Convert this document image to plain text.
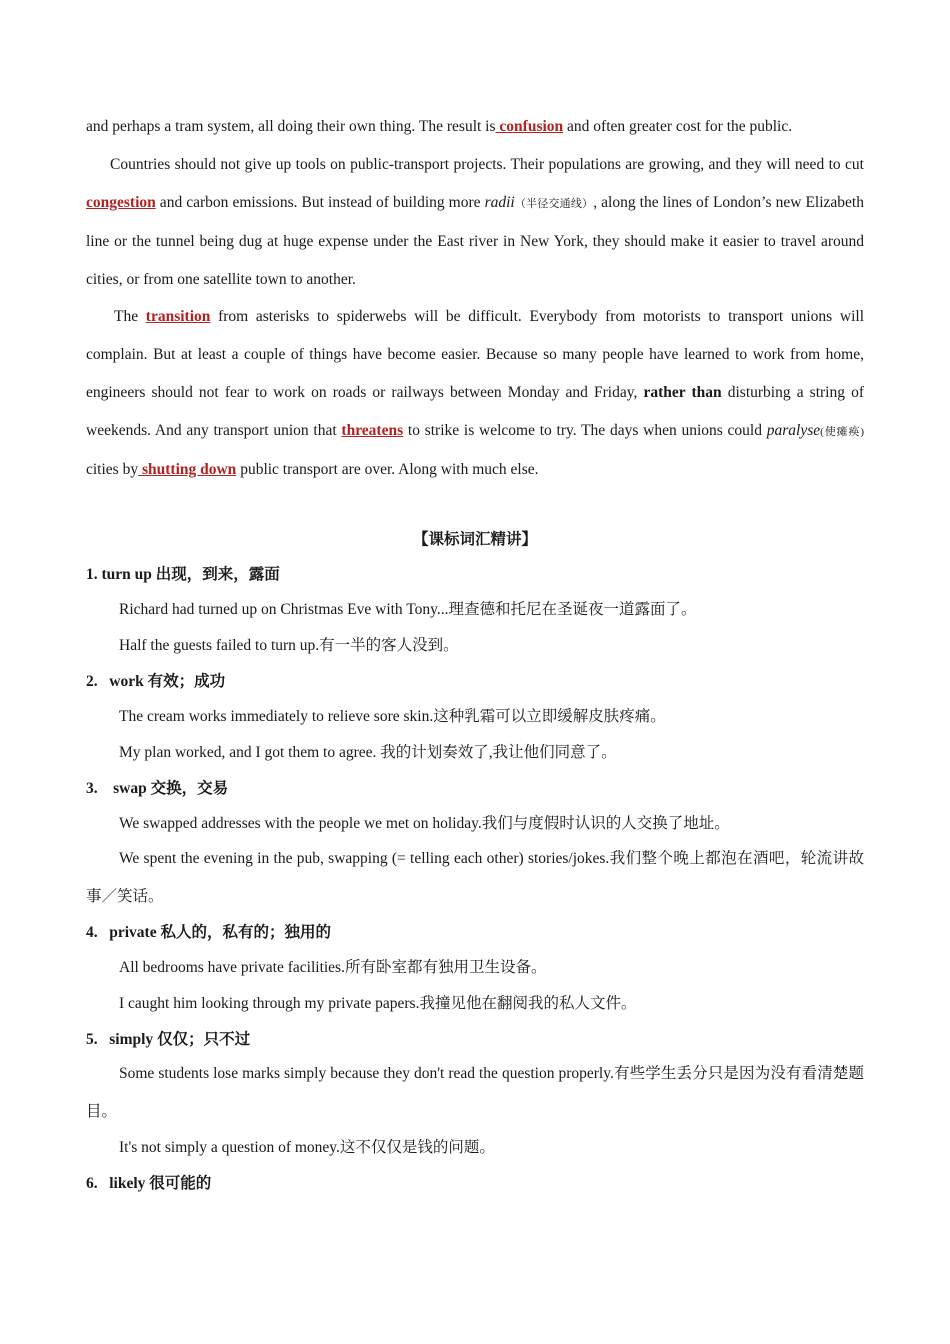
and perhaps a tram system, all doing their own thing. The result is confusion and often greater cost for the public.

Countries should not give up tools on public-transport projects. Their populations are growing, and they will need to cut congestion and carbon emissions. But instead of building more radii（半径交通线）, along the lines of London’s new Elizabeth line or the tunnel being dug at huge expense under the East river in New York, they should make it easier to travel around cities, or from one satellite town to another.

The transition from asterisks to spiderwebs will be difficult. Everybody from motorists to transport unions will complain. But at least a couple of things have become easier. Because so many people have learned to work from home, engineers should not fear to work on roads or railways between Monday and Friday, rather than disturbing a string of weekends. And any transport union that threatens to strike is welcome to try. The days when unions could paralyse(使瘫痪) cities by shutting down public transport are over. Along with much else.

【课标词汇精讲】

1. turn up 出现，到来，露面

Richard had turned up on Christmas Eve with Tony...理查德和托尼在圣诞夜一道露面了。

Half the guests failed to turn up.有一半的客人没到。

2. work 有效；成功

The cream works immediately to relieve sore skin.这种乳霜可以立即缓解皮肤疼痛。

My plan worked, and I got them to agree. 我的计划奏效了,我让他们同意了。

3. swap 交换，交易

We swapped addresses with the people we met on holiday.我们与度假时认识的人交换了地址。

We spent the evening in the pub, swapping (= telling each other) stories/jokes.我们整个晚上都泡在酒吧，轮流讲故事／笑话。

4. private 私人的，私有的；独用的

All bedrooms have private facilities.所有卧室都有独用卫生设备。

I caught him looking through my private papers.我撞见他在翻阅我的私人文件。

5. simply 仅仅；只不过

Some students lose marks simply because they don't read the question properly.有些学生丢分只是因为没有看清楚题目。

It's not simply a question of money.这不仅仅是钱的问题。

6. likely 很可能的
